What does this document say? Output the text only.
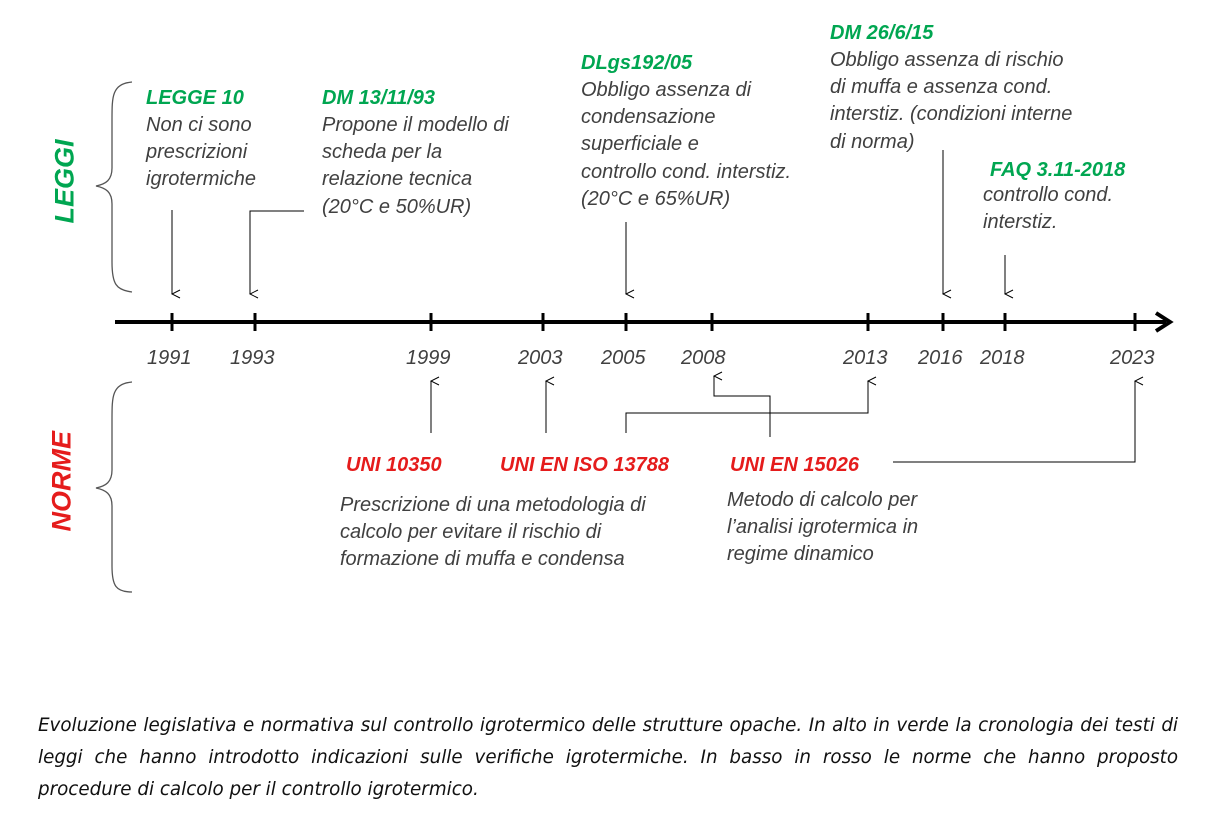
LEGGI
NORME
LEGGE 10
Non ci sono
prescrizioni
igrotermiche
DM 13/11/93
Propone il modello di
scheda per la
relazione tecnica
(20°C e 50%UR)
DLgs192/05
Obbligo assenza di
condensazione
superficiale e
controllo cond. interstiz.
(20°C e 65%UR)
DM 26/6/15
Obbligo assenza di rischio
di muffa e assenza cond.
interstiz. (condizioni interne
di norma)
FAQ 3.11-2018
controllo cond.
interstiz.
1991 1993	1999	2003 2005 2008	2013 2016 2018	2023
UNI 10350	UNI EN ISO 13788	UNI EN 15026
Prescrizione di una metodologia di
calcolo per evitare il rischio di
formazione di muffa e condensa
Metodo di calcolo per
l’analisi igrotermica in
regime dinamico

Evoluzione legislativa e normativa sul controllo igrotermico delle strutture opache. In alto in verde la cronologia dei testi di leggi che hanno introdotto indicazioni sulle verifiche igrotermiche. In basso in rosso le norme che hanno proposto procedure di calcolo per il controllo igrotermico.
